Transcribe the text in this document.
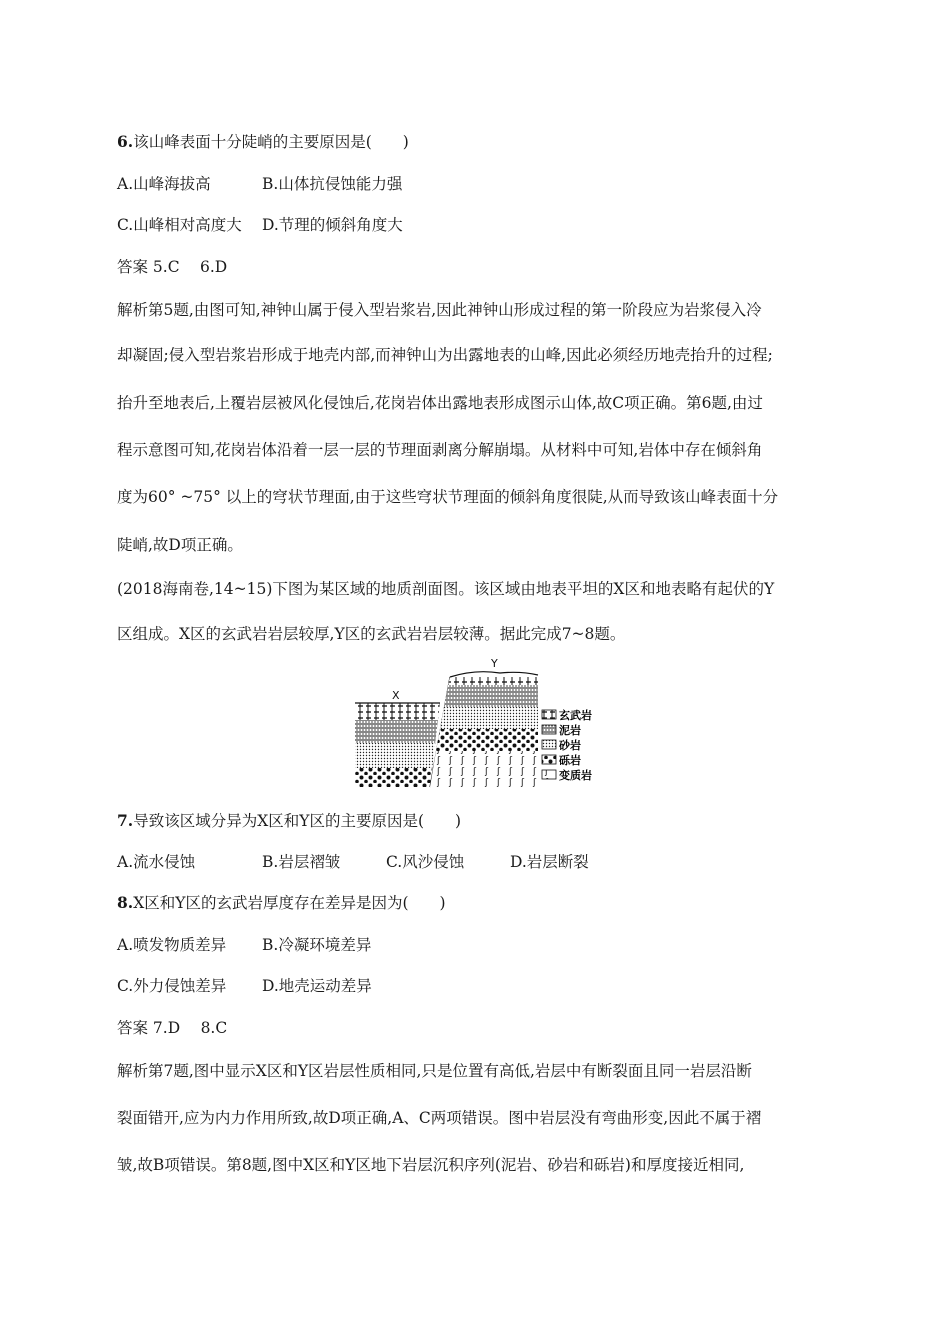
6.该山峰表面十分陡峭的主要原因是(　　)
A.山峰海拔高	B.山体抗侵蚀能力强
C.山峰相对高度大 D.节理的倾斜角度大
答案 5.C　 6.D
解析第5题,由图可知,神钟山属于侵入型岩浆岩,因此神钟山形成过程的第一阶段应为岩浆侵入冷
却凝固;侵入型岩浆岩形成于地壳内部,而神钟山为出露地表的山峰,因此必须经历地壳抬升的过程;
抬升至地表后,上覆岩层被风化侵蚀后,花岗岩体出露地表形成图示山体,故C项正确。第6题,由过
程示意图可知,花岗岩体沿着一层一层的节理面剥离分解崩塌。从材料中可知,岩体中存在倾斜角
度为60° ~75° 以上的穹状节理面,由于这些穹状节理面的倾斜角度很陡,从而导致该山峰表面十分
陡峭,故D项正确。
(2018海南卷,14~15)下图为某区域的地质剖面图。该区域由地表平坦的X区和地表略有起伏的Y
区组成。X区的玄武岩岩层较厚,Y区的玄武岩岩层较薄。据此完成7~8题。
X
Y
玄武岩
泥岩
砂岩
砾岩
变质岩
7.导致该区域分异为X区和Y区的主要原因是(　　)
A.流水侵蚀	B.岩层褶皱	C.风沙侵蚀	D.岩层断裂
8.X区和Y区的玄武岩厚度存在差异是因为(　　)
A.喷发物质差异 B.冷凝环境差异
C.外力侵蚀差异 D.地壳运动差异
答案 7.D　 8.C
解析第7题,图中显示X区和Y区岩层性质相同,只是位置有高低,岩层中有断裂面且同一岩层沿断
裂面错开,应为内力作用所致,故D项正确,A、C两项错误。图中岩层没有弯曲形变,因此不属于褶
皱,故B项错误。第8题,图中X区和Y区地下岩层沉积序列(泥岩、砂岩和砾岩)和厚度接近相同,
